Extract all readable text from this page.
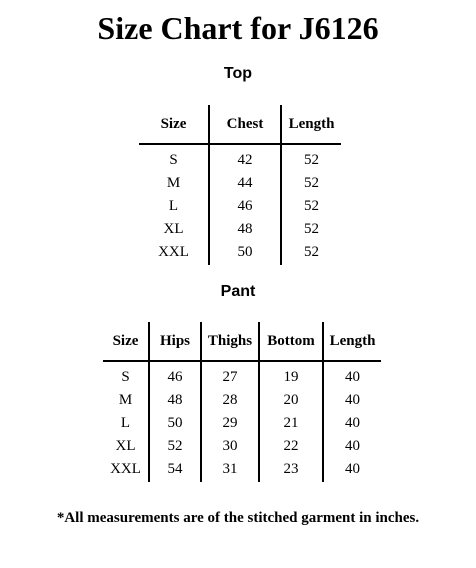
Size Chart for J6126
Top
Size	Chest	Length
S	42	52
M	44	52
L	46	52
XL	48	52
XXL	50	52
Pant
Size	Hips	Thighs	Bottom	Length
S	46	27	19	40
M	48	28	20	40
L	50	29	21	40
XL	52	30	22	40
XXL	54	31	23	40

*All measurements are of the stitched garment in inches.
